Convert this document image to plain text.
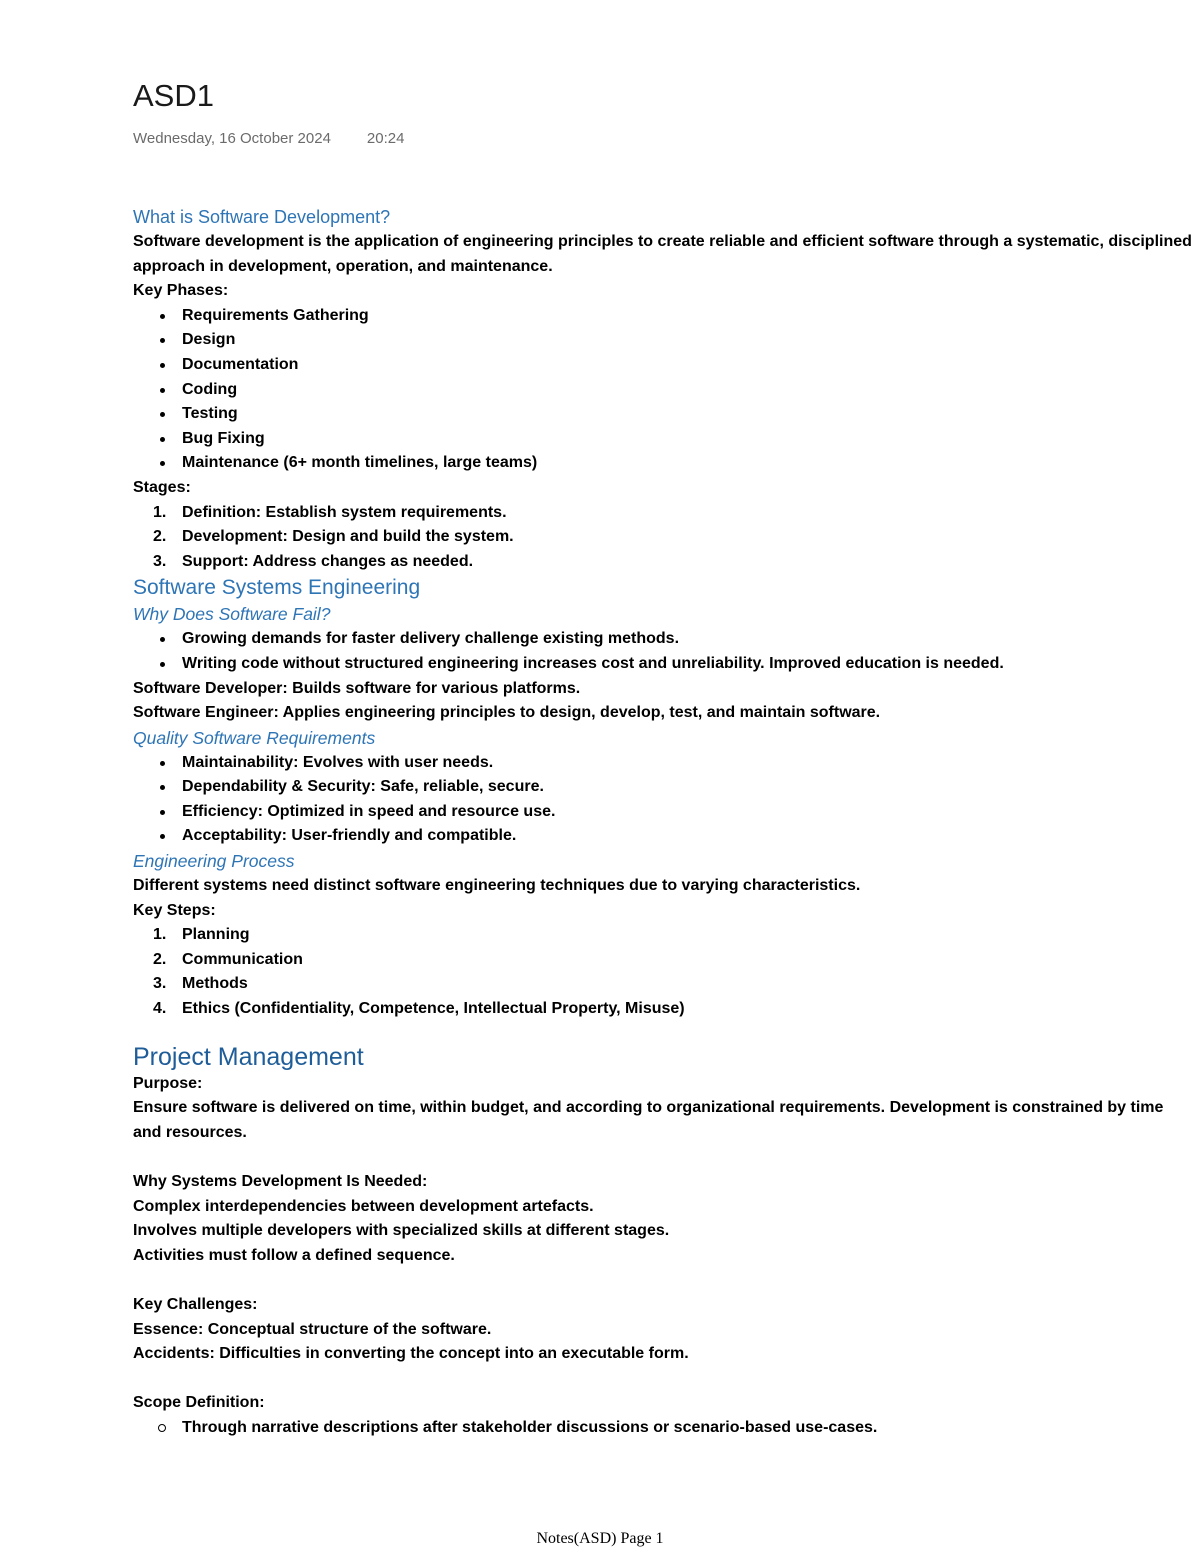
ASD1
Wednesday, 16 October 2024 20:24
What is Software Development?

Software development is the application of engineering principles to create reliable and efficient software through a systematic, disciplined approach in development, operation, and maintenance.

Key Phases:

Requirements Gathering
Design
Documentation
Coding
Testing
Bug Fixing
Maintenance (6+ month timelines, large teams)

Stages:

1. Definition: Establish system requirements.
2. Development: Design and build the system.
3. Support: Address changes as needed.
Software Systems Engineering
Why Does Software Fail?
Growing demands for faster delivery challenge existing methods.
Writing code without structured engineering increases cost and unreliability. Improved education is needed.

Software Developer: Builds software for various platforms.

Software Engineer: Applies engineering principles to design, develop, test, and maintain software.

Quality Software Requirements
Maintainability: Evolves with user needs.
Dependability & Security: Safe, reliable, secure.
Efficiency: Optimized in speed and resource use.
Acceptability: User-friendly and compatible.
Engineering Process

Different systems need distinct software engineering techniques due to varying characteristics.

Key Steps:

1. Planning
2. Communication
3. Methods
4. Ethics (Confidentiality, Competence, Intellectual Property, Misuse)
Project Management

Purpose:

Ensure software is delivered on time, within budget, and according to organizational requirements. Development is constrained by time and resources.

Why Systems Development Is Needed:

Complex interdependencies between development artefacts.

Involves multiple developers with specialized skills at different stages.

Activities must follow a defined sequence.

Key Challenges:

Essence: Conceptual structure of the software.

Accidents: Difficulties in converting the concept into an executable form.

Scope Definition:

Through narrative descriptions after stakeholder discussions or scenario-based use-cases.
Notes(ASD) Page 1
